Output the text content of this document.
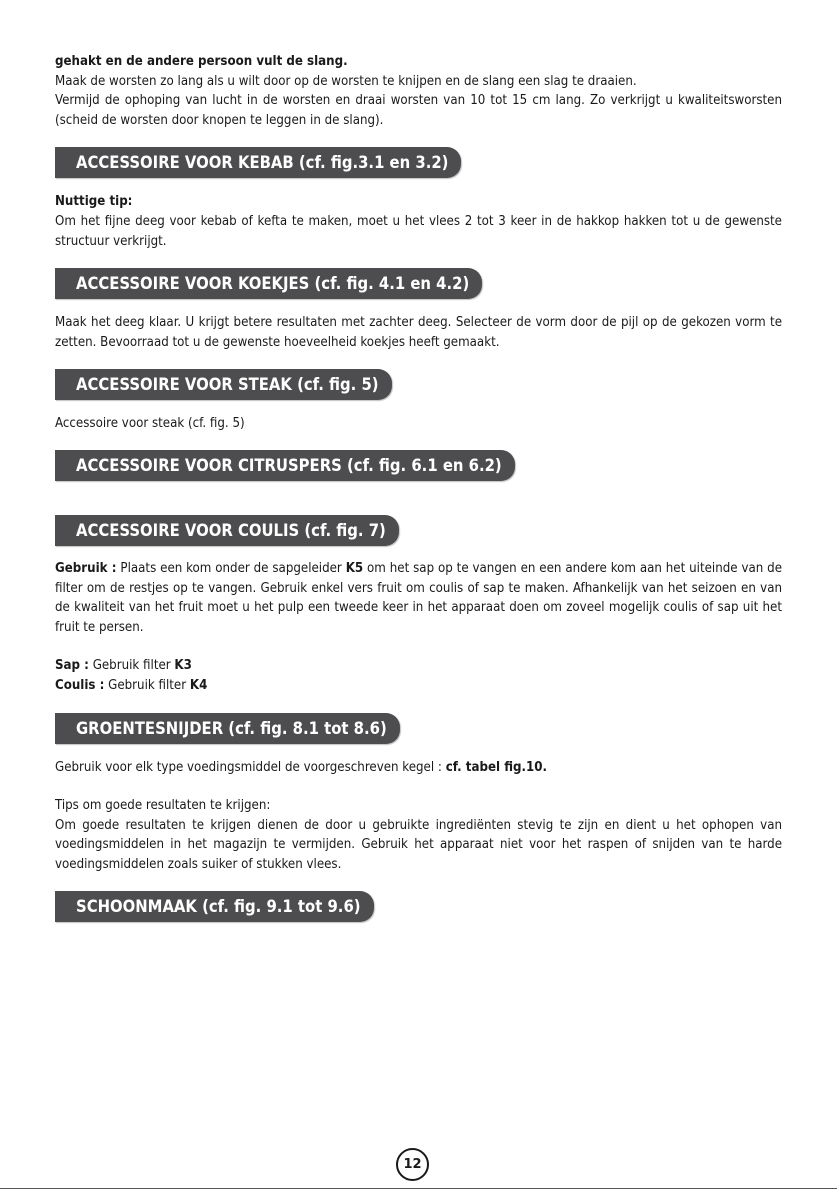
gehakt en de andere persoon vult de slang.

Maak de worsten zo lang als u wilt door op de worsten te knijpen en de slang een slag te draaien.

Vermijd de ophoping van lucht in de worsten en draai worsten van 10 tot 15 cm lang. Zo verkrijgt u kwaliteitsworsten (scheid de worsten door knopen te leggen in de slang).

ACCESSOIRE VOOR KEBAB (cf. fig.3.1 en 3.2)

Nuttige tip:

Om het fijne deeg voor kebab of kefta te maken, moet u het vlees 2 tot 3 keer in de hakkop hakken tot u de gewenste structuur verkrijgt.

ACCESSOIRE VOOR KOEKJES (cf. fig. 4.1 en 4.2)

Maak het deeg klaar. U krijgt betere resultaten met zachter deeg. Selecteer de vorm door de pijl op de gekozen vorm te zetten. Bevoorraad tot u de gewenste hoeveelheid koekjes heeft gemaakt.

ACCESSOIRE VOOR STEAK (cf. fig. 5)

Accessoire voor steak (cf. fig. 5)

ACCESSOIRE VOOR CITRUSPERS (cf. fig. 6.1 en 6.2)
ACCESSOIRE VOOR COULIS (cf. fig. 7)

Gebruik : Plaats een kom onder de sapgeleider K5 om het sap op te vangen en een andere kom aan het uiteinde van de filter om de restjes op te vangen. Gebruik enkel vers fruit om coulis of sap te maken. Afhankelijk van het seizoen en van de kwaliteit van het fruit moet u het pulp een tweede keer in het apparaat doen om zoveel mogelijk coulis of sap uit het fruit te persen.

Sap : Gebruik filter K3

Coulis : Gebruik filter K4

GROENTESNIJDER (cf. fig. 8.1 tot 8.6)

Gebruik voor elk type voedingsmiddel de voorgeschreven kegel : cf. tabel fig.10.

Tips om goede resultaten te krijgen:

Om goede resultaten te krijgen dienen de door u gebruikte ingrediënten stevig te zijn en dient u het ophopen van voedingsmiddelen in het magazijn te vermijden. Gebruik het apparaat niet voor het raspen of snijden van te harde voedingsmiddelen zoals suiker of stukken vlees.

SCHOONMAAK (cf. fig. 9.1 tot 9.6)
12
